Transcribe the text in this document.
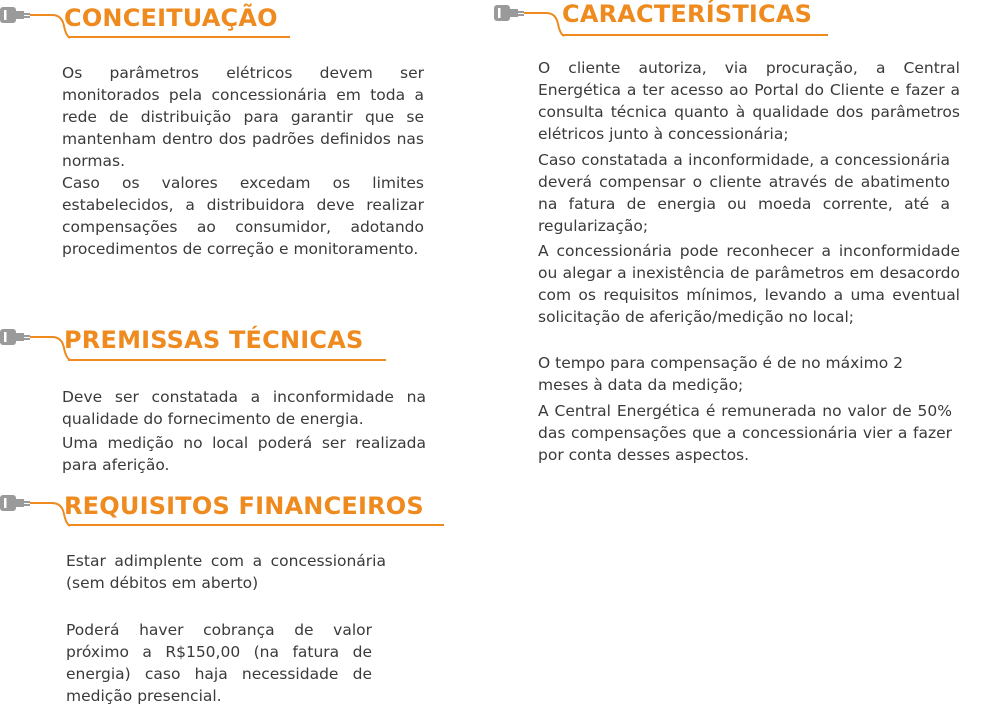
CONCEITUAÇÃO

Os parâmetros elétricos devem ser monitorados pela concessionária em toda a rede de distribuição para garantir que se mantenham dentro dos padrões definidos nas normas.

Caso os valores excedam os limites estabelecidos, a distribuidora deve realizar compensações ao consumidor, adotando procedimentos de correção e monitoramento.

PREMISSAS TÉCNICAS

Deve ser constatada a inconformidade na qualidade do fornecimento de energia.

Uma medição no local poderá ser realizada para aferição.

REQUISITOS FINANCEIROS

Estar adimplente com a concessionária (sem débitos em aberto)

Poderá haver cobrança de valor próximo a R$150,00 (na fatura de energia) caso haja necessidade de medição presencial.

CARACTERÍSTICAS

O cliente autoriza, via procuração, a Central Energética a ter acesso ao Portal do Cliente e fazer a consulta técnica quanto à qualidade dos parâmetros elétricos junto à concessionária;

Caso constatada a inconformidade, a concessionária deverá compensar o cliente através de abatimento na fatura de energia ou moeda corrente, até a regularização;

A concessionária pode reconhecer a inconformidade ou alegar a inexistência de parâmetros em desacordo com os requisitos mínimos, levando a uma eventual solicitação de aferição/medição no local;

O tempo para compensação é de no máximo 2 meses à data da medição;

A Central Energética é remunerada no valor de 50% das compensações que a concessionária vier a fazer por conta desses aspectos.
